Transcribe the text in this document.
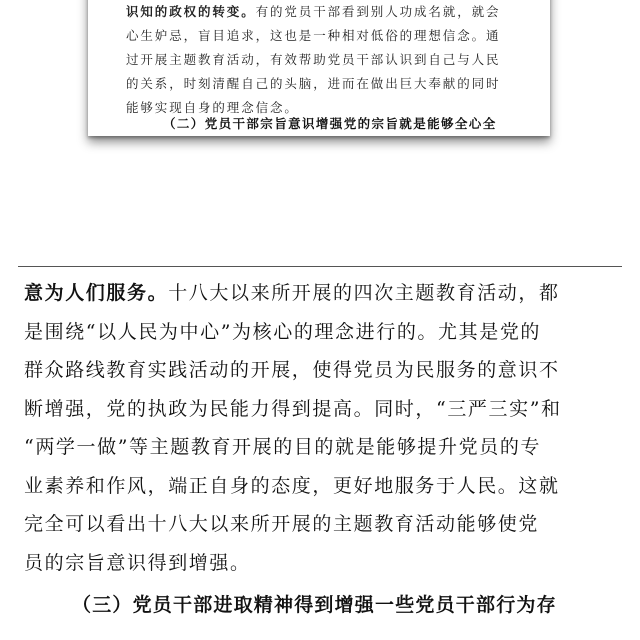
识知的政权的转变。有的党员干部看到别人功成名就，就会
心生妒忌，盲目追求，这也是一种相对低俗的理想信念。通
过开展主题教育活动，有效帮助党员干部认识到自己与人民
的关系，时刻清醒自己的头脑，进而在做出巨大奉献的同时
能够实现自身的理念信念。
（二）党员干部宗旨意识增强党的宗旨就是能够全心全
意为人们服务。十八大以来所开展的四次主题教育活动，都
是围绕“以人民为中心”为核心的理念进行的。尤其是党的
群众路线教育实践活动的开展，使得党员为民服务的意识不
断增强，党的执政为民能力得到提高。同时，“三严三实”和
“两学一做”等主题教育开展的目的就是能够提升党员的专
业素养和作风，端正自身的态度，更好地服务于人民。这就
完全可以看出十八大以来所开展的主题教育活动能够使党
员的宗旨意识得到增强。
（三）党员干部进取精神得到增强一些党员干部行为存
